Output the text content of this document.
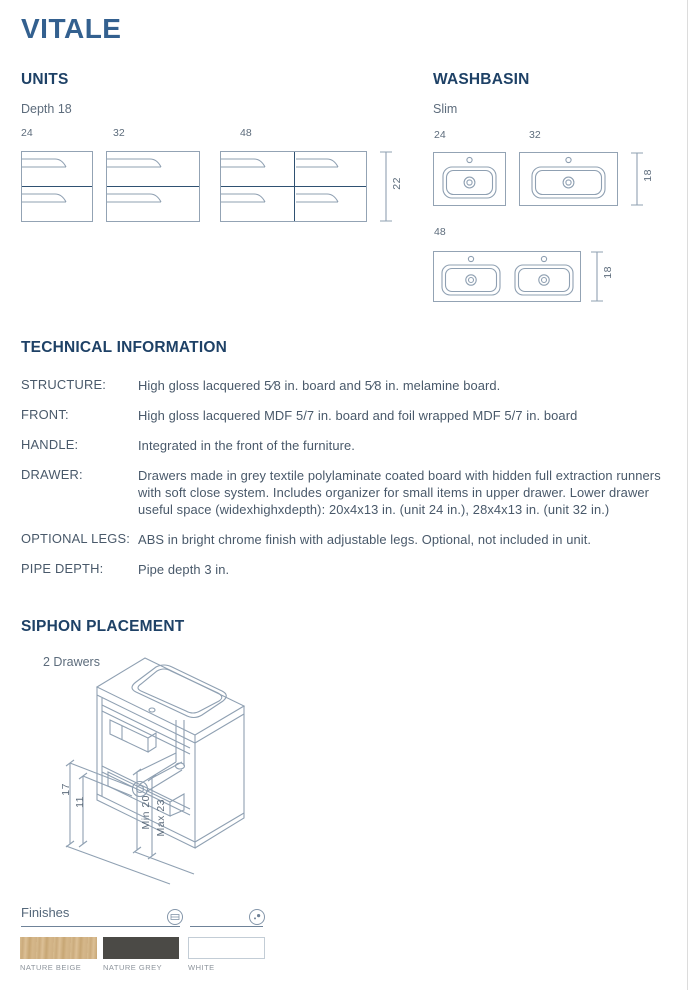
VITALE
UNITS	WASHBASIN
Depth 18	Slim
24	32	48
22
24	32
48
18
18
TECHNICAL INFORMATION
STRUCTURE:	High gloss lacquered 5⁄8 in. board and 5⁄8 in. melamine board.
FRONT:	High gloss lacquered MDF 5/7 in. board and foil wrapped MDF 5/7 in. board
HANDLE:	Integrated in the front of the furniture.
DRAWER:	Drawers made in grey textile polylaminate coated board with hidden full extraction runners with soft close system. Includes organizer for small items in upper drawer. Lower drawer useful space (widexhighxdepth): 20x4x13 in. (unit 24 in.), 28x4x13 in. (unit 32 in.)
OPTIONAL LEGS: ABS in bright chrome finish with adjustable legs. Optional, not included in unit.
PIPE DEPTH:	Pipe depth 3 in.
SIPHON PLACEMENT
2 Drawers
17
11	Min 20 Max 23
Finishes
NATURE BEIGE	NATURE GREY	WHITE
